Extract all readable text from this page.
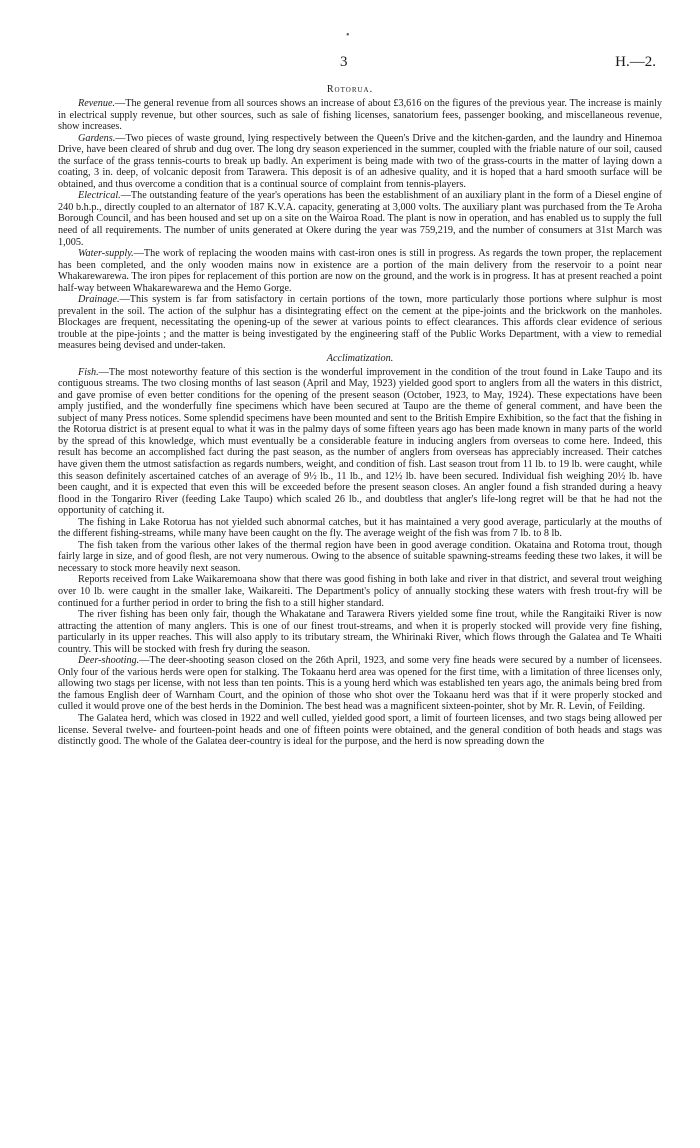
•
3	H.—2.
Rotorua.

Revenue.—The general revenue from all sources shows an increase of about £3,616 on the figures of the previous year. The increase is mainly in electrical supply revenue, but other sources, such as sale of fishing licenses, sanatorium fees, passenger booking, and miscellaneous revenue, show increases.

Gardens.—Two pieces of waste ground, lying respectively between the Queen's Drive and the kitchen-garden, and the laundry and Hinemoa Drive, have been cleared of shrub and dug over. The long dry season experienced in the summer, coupled with the friable nature of our soil, caused the surface of the grass tennis-courts to break up badly. An experiment is being made with two of the grass-courts in the matter of laying down a coating, 3 in. deep, of volcanic deposit from Tarawera. This deposit is of an adhesive quality, and it is hoped that a hard smooth surface will be obtained, and thus overcome a condition that is a continual source of complaint from tennis-players.

Electrical.—The outstanding feature of the year's operations has been the establishment of an auxiliary plant in the form of a Diesel engine of 240 b.h.p., directly coupled to an alternator of 187 K.V.A. capacity, generating at 3,000 volts. The auxiliary plant was purchased from the Te Aroha Borough Council, and has been housed and set up on a site on the Wairoa Road. The plant is now in operation, and has enabled us to supply the full need of all requirements. The number of units generated at Okere during the year was 759,219, and the number of consumers at 31st March was 1,005.

Water-supply.—The work of replacing the wooden mains with cast-iron ones is still in progress. As regards the town proper, the replacement has been completed, and the only wooden mains now in existence are a portion of the main delivery from the reservoir to a point near Whakarewarewa. The iron pipes for replacement of this portion are now on the ground, and the work is in progress. It has at present reached a point half-way between Whakarewarewa and the Hemo Gorge.

Drainage.—This system is far from satisfactory in certain portions of the town, more particularly those portions where sulphur is most prevalent in the soil. The action of the sulphur has a disintegrating effect on the cement at the pipe-joints and the brickwork on the manholes. Blockages are frequent, necessitating the opening-up of the sewer at various points to effect clearances. This affords clear evidence of serious trouble at the pipe-joints ; and the matter is being investigated by the engineering staff of the Public Works Department, with a view to remedial measures being devised and under-taken.

Acclimatization.

Fish.—The most noteworthy feature of this section is the wonderful improvement in the condition of the trout found in Lake Taupo and its contiguous streams. The two closing months of last season (April and May, 1923) yielded good sport to anglers from all the waters in this district, and gave promise of even better conditions for the opening of the present season (October, 1923, to May, 1924). These expectations have been amply justified, and the wonderfully fine specimens which have been secured at Taupo are the theme of general comment, and have been the subject of many Press notices. Some splendid specimens have been mounted and sent to the British Empire Exhibition, so the fact that the fishing in the Rotorua district is at present equal to what it was in the palmy days of some fifteen years ago has been made known in many parts of the world by the spread of this knowledge, which must eventually be a considerable feature in inducing anglers from overseas to come here. Indeed, this result has become an accomplished fact during the past season, as the number of anglers from overseas has appreciably increased. Their catches have given them the utmost satisfaction as regards numbers, weight, and condition of fish. Last season trout from 11 lb. to 19 lb. were caught, while this season definitely ascertained catches of an average of 9½ lb., 11 lb., and 12½ lb. have been secured. Individual fish weighing 20½ lb. have been caught, and it is expected that even this will be exceeded before the present season closes. An angler found a fish stranded during a heavy flood in the Tongariro River (feeding Lake Taupo) which scaled 26 lb., and doubtless that angler's life-long regret will be that he had not the opportunity of catching it.

The fishing in Lake Rotorua has not yielded such abnormal catches, but it has maintained a very good average, particularly at the mouths of the different fishing-streams, while many have been caught on the fly. The average weight of the fish was from 7 lb. to 8 lb.

The fish taken from the various other lakes of the thermal region have been in good average condition. Okataina and Rotoma trout, though fairly large in size, and of good flesh, are not very numerous. Owing to the absence of suitable spawning-streams feeding these two lakes, it will be necessary to stock more heavily next season.

Reports received from Lake Waikaremoana show that there was good fishing in both lake and river in that district, and several trout weighing over 10 lb. were caught in the smaller lake, Waikareiti. The Department's policy of annually stocking these waters with fresh trout-fry will be continued for a further period in order to bring the fish to a still higher standard.

The river fishing has been only fair, though the Whakatane and Tarawera Rivers yielded some fine trout, while the Rangitaiki River is now attracting the attention of many anglers. This is one of our finest trout-streams, and when it is properly stocked will provide very fine fishing, particularly in its upper reaches. This will also apply to its tributary stream, the Whirinaki River, which flows through the Galatea and Te Whaiti country. This will be stocked with fresh fry during the season.

Deer-shooting.—The deer-shooting season closed on the 26th April, 1923, and some very fine heads were secured by a number of licensees. Only four of the various herds were open for stalking. The Tokaanu herd area was opened for the first time, with a limitation of three licenses only, allowing two stags per license, with not less than ten points. This is a young herd which was established ten years ago, the animals being bred from the famous English deer of Warnham Court, and the opinion of those who shot over the Tokaanu herd was that if it were properly stocked and culled it would prove one of the best herds in the Dominion. The best head was a magnificent sixteen-pointer, shot by Mr. R. Levin, of Feilding.

The Galatea herd, which was closed in 1922 and well culled, yielded good sport, a limit of fourteen licenses, and two stags being allowed per license. Several twelve- and fourteen-point heads and one of fifteen points were obtained, and the general condition of both heads and stags was distinctly good. The whole of the Galatea deer-country is ideal for the purpose, and the herd is now spreading down the
